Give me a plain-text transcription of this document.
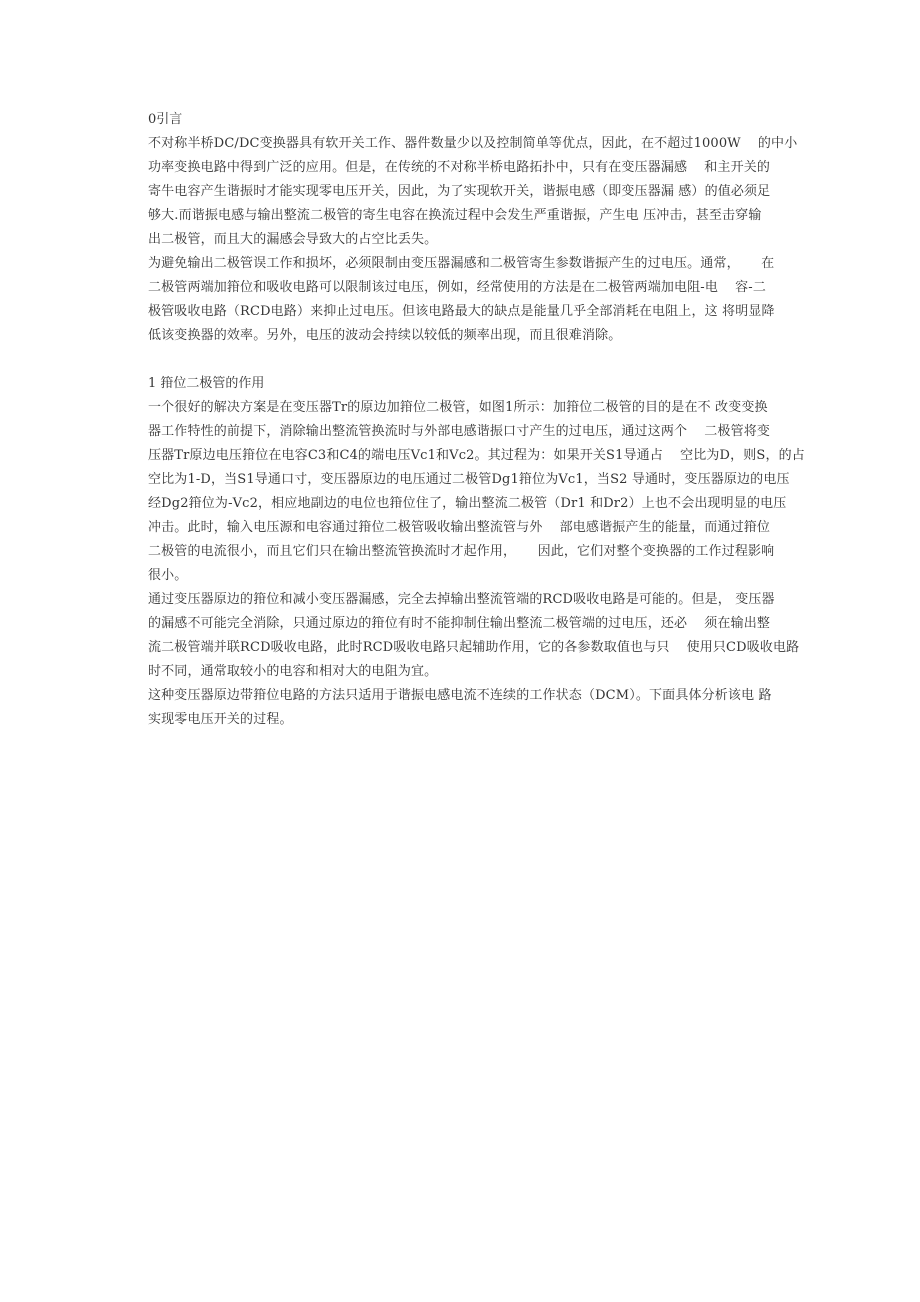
0引言

不对称半桥DC/DC变换器具有软开关工作、器件数量少以及控制简单等优点，因此，在不超过1000W    的中小
功率变换电路中得到广泛的应用。但是，在传统的不对称半桥电路拓扑中，只有在变压器漏感    和主开关的
寄牛电容产生谐振时才能实现零电压开关，因此，为了实现软开关，谐振电感（即变压器漏 感）的值必须足
够大.而谐振电感与输出整流二极管的寄生电容在换流过程中会发生严重谐振，产生电 压冲击，甚至击穿输
出二极管，而且大的漏感会导致大的占空比丢失。

为避免输出二极管误工作和损坏，必须限制由变压器漏感和二极管寄生参数谐振产生的过电压。通常，     在
二极管两端加箝位和吸收电路可以限制该过电压，例如，经常使用的方法是在二极管两端加电阻-电    容-二
极管吸收电路（RCD电路）来抑止过电压。但该电路最大的缺点是能量几乎全部消耗在电阻上，这 将明显降
低该变换器的效率。另外，电压的波动会持续以较低的频率出现，而且很难消除。

1 箝位二极管的作用

一个很好的解决方案是在变压器Tr的原边加箝位二极管，如图1所示：加箝位二极管的目的是在不 改变变换
器工作特性的前提下，消除输出整流管换流时与外部电感谐振口寸产生的过电压，通过这两个    二极管将变
压器Tr原边电压箝位在电容C3和C4的端电压Vc1和Vc2。其过程为：如果开关S1导通占    空比为D，则S，的占
空比为1-D，当S1导通口寸，变压器原边的电压通过二极管Dg1箝位为Vc1，当S2 导通时，变压器原边的电压
经Dg2箝位为-Vc2，相应地副边的电位也箝位住了，输出整流二极管（Dr1 和Dr2）上也不会出现明显的电压
冲击。此时，输入电压源和电容通过箝位二极管吸收输出整流管与外    部电感谐振产生的能量，而通过箝位
二极管的电流很小，而且它们只在输出整流管换流时才起作用，     因此，它们对整个变换器的工作过程影响
很小。

通过变压器原边的箝位和减小变压器漏感，完全去掉输出整流管端的RCD吸收电路是可能的。但是， 变压器
的漏感不可能完全消除，只通过原边的箝位有时不能抑制住输出整流二极管端的过电压，还必    须在输出整
流二极管端并联RCD吸收电路，此时RCD吸收电路只起辅助作用，它的各参数取值也与只    使用只CD吸收电路
时不同，通常取较小的电容和相对大的电阻为宜。

这种变压器原边带箝位电路的方法只适用于谐振电感电流不连续的工作状态（DCM）。下面具体分析该电 路
实现零电压开关的过程。
